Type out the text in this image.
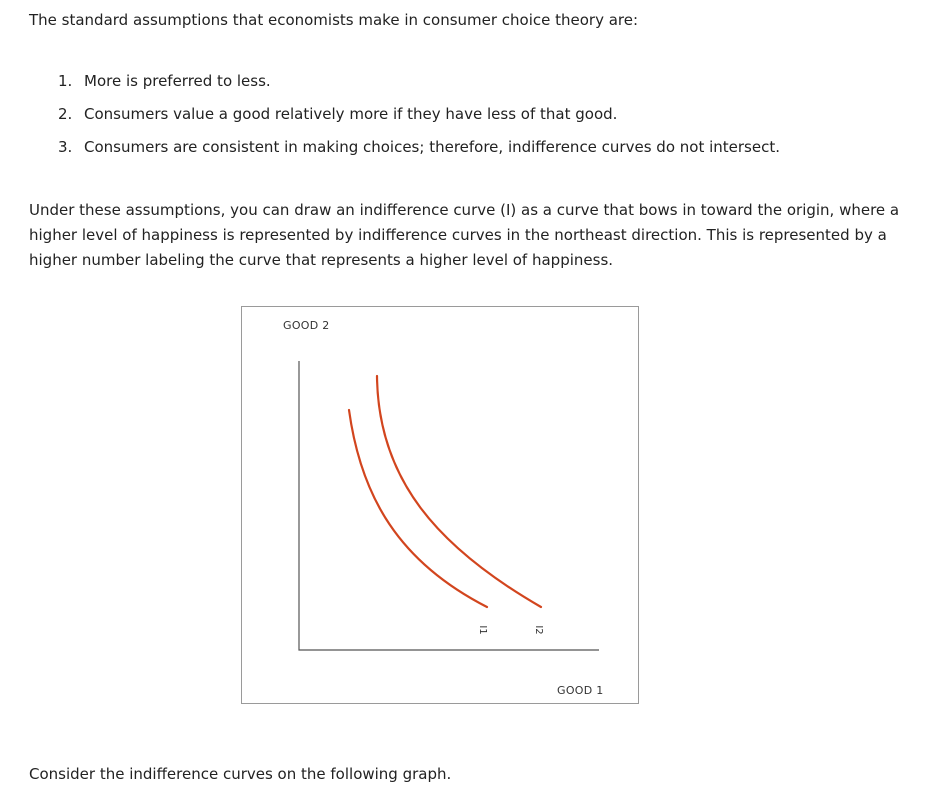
The standard assumptions that economists make in consumer choice theory are:

1. More is preferred to less.
2. Consumers value a good relatively more if they have less of that good.
3. Consumers are consistent in making choices; therefore, indifference curves do not intersect.

Under these assumptions, you can draw an indifference curve (I) as a curve that bows in toward the origin, where a higher level of happiness is represented by indifference curves in the northeast direction. This is represented by a higher number labeling the curve that represents a higher level of happiness.

GOOD 2
I1	I2
GOOD 1

Consider the indifference curves on the following graph.
